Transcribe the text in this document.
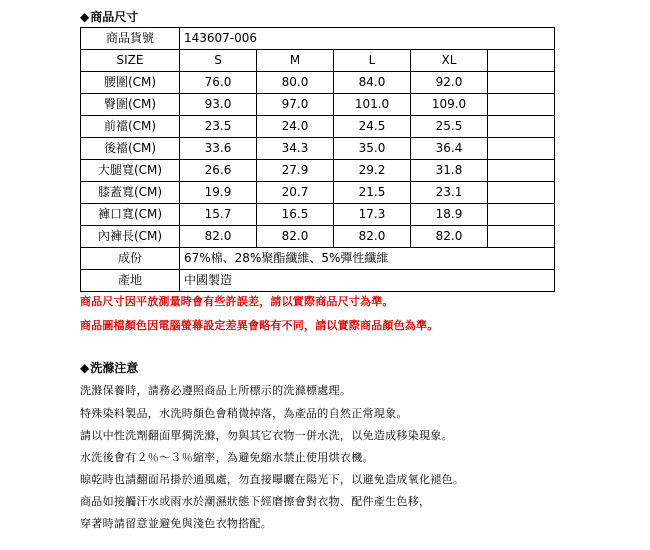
◆商品尺寸
商品貨號	143607-006				
SIZE	S	M	L	XL	
腰圍(CM)	76.0	80.0	84.0	92.0	
臀圍(CM)	93.0	97.0	101.0	109.0	
前襠(CM)	23.5	24.0	24.5	25.5	
後襠(CM)	33.6	34.3	35.0	36.4	
大腿寬(CM)	26.6	27.9	29.2	31.8	
膝蓋寬(CM)	19.9	20.7	21.5	23.1	
褲口寬(CM)	15.7	16.5	17.3	18.9	
內褲長(CM)	82.0	82.0	82.0	82.0	
成份	67%棉、28%聚酯纖維、5%彈性纖維				
產地	中國製造				
商品尺寸因平放測量時會有些許誤差，請以實際商品尺寸為準。
商品圖檔顏色因電腦螢幕設定差異會略有不同，請以實際商品顏色為準。
◆洗滌注意
洗滌保養時，請務必遵照商品上所標示的洗滌標處理。
特殊染料製品，水洗時顏色會稍微掉落，為產品的自然正常現象。
請以中性洗劑翻面單獨洗滌，勿與其它衣物一併水洗，以免造成移染現象。
水洗後會有２％～３％縮率，為避免縮水禁止使用烘衣機。
晾乾時也請翻面吊掛於通風處，勿直接曝曬在陽光下，以避免造成氧化褪色。
商品如接觸汗水或雨水於潮濕狀態下經磨擦會對衣物、配件產生色移，
穿著時請留意並避免與淺色衣物搭配。
